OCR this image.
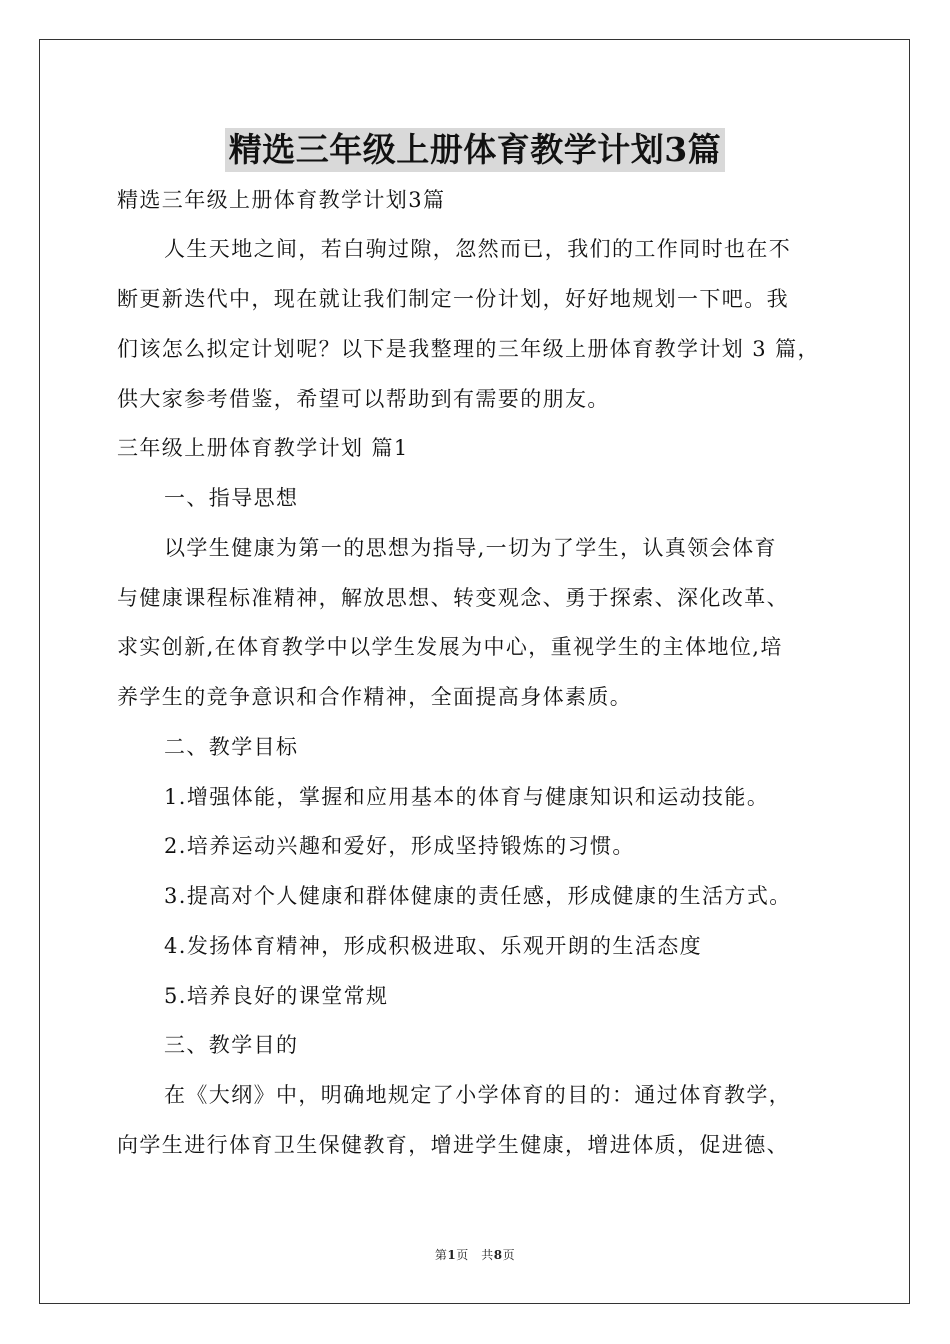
精选三年级上册体育教学计划3篇
精选三年级上册体育教学计划3篇
人生天地之间，若白驹过隙，忽然而已，我们的工作同时也在不
断更新迭代中，现在就让我们制定一份计划，好好地规划一下吧。我
们该怎么拟定计划呢？以下是我整理的三年级上册体育教学计划 3 篇，
供大家参考借鉴，希望可以帮助到有需要的朋友。
三年级上册体育教学计划 篇1
一、指导思想
以学生健康为第一的思想为指导,一切为了学生，认真领会体育
与健康课程标准精神，解放思想、转变观念、勇于探索、深化改革、
求实创新,在体育教学中以学生发展为中心，重视学生的主体地位,培
养学生的竞争意识和合作精神，全面提高身体素质。
二、教学目标
1.增强体能，掌握和应用基本的体育与健康知识和运动技能。
2.培养运动兴趣和爱好，形成坚持锻炼的习惯。
3.提高对个人健康和群体健康的责任感，形成健康的生活方式。
4.发扬体育精神，形成积极进取、乐观开朗的生活态度
5.培养良好的课堂常规
三、教学目的
在《大纲》中，明确地规定了小学体育的目的：通过体育教学，
向学生进行体育卫生保健教育，增进学生健康，增进体质，促进德、
第1页　共8页
